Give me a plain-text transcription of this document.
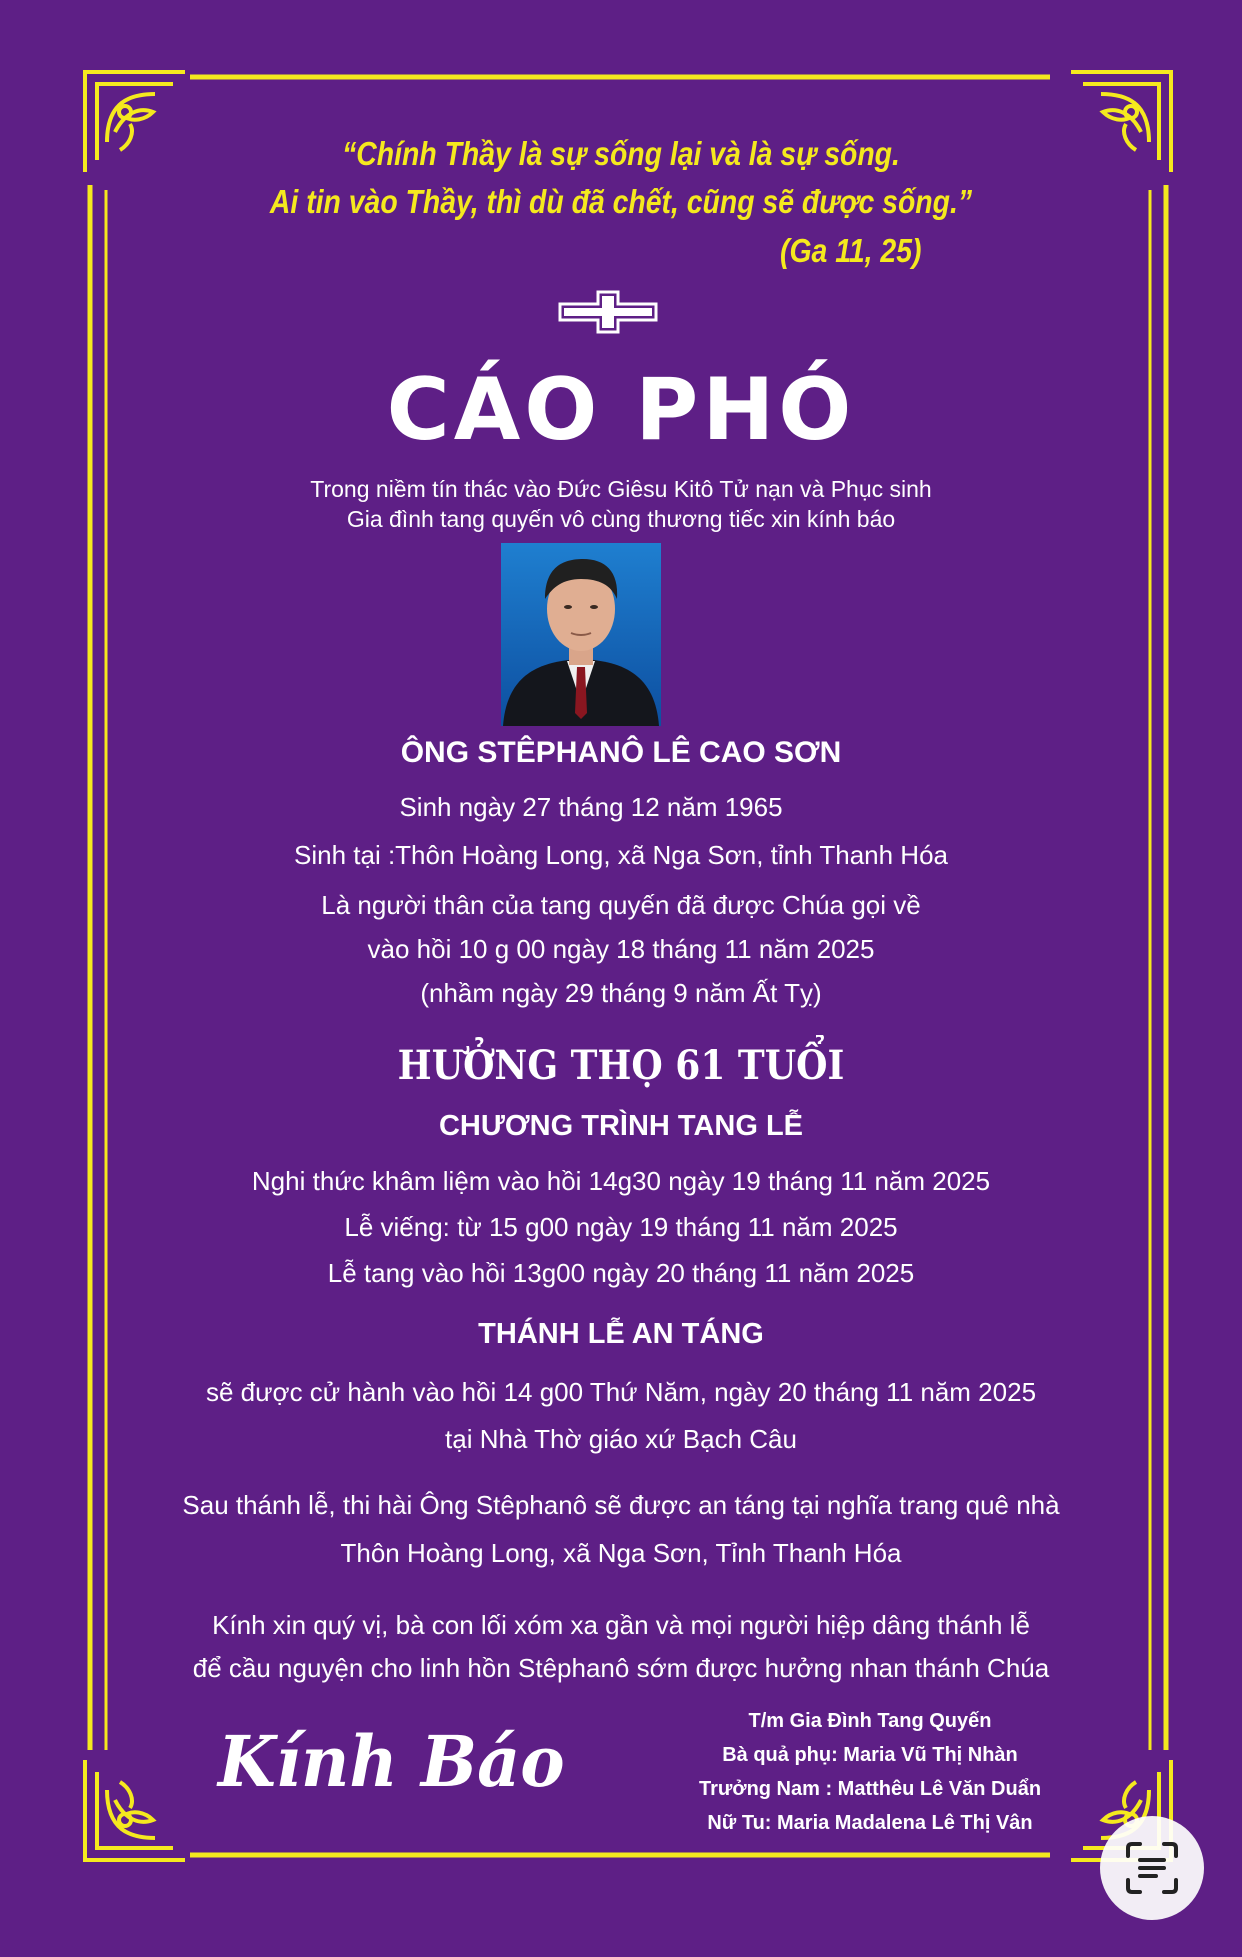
“Chính Thầy là sự sống lại và là sự sống.

Ai tin vào Thầy, thì dù đã chết, cũng sẽ được sống.”

(Ga 11, 25)
CÁO PHÓ

Trong niềm tín thác vào Đức Giêsu Kitô Tử nạn và Phục sinh

Gia đình tang quyến vô cùng thương tiếc xin kính báo

ÔNG STÊPHANÔ LÊ CAO SƠN

Sinh ngày 27 tháng 12 năm 1965

Sinh tại :Thôn Hoàng Long, xã Nga Sơn, tỉnh Thanh Hóa

Là người thân của tang quyến đã được Chúa gọi về

vào hồi 10 g 00 ngày 18 tháng 11 năm 2025

(nhầm ngày 29 tháng 9 năm Ất Tỵ)

HƯỞNG THỌ 61 TUỔI

CHƯƠNG TRÌNH TANG LỄ

Nghi thức khâm liệm vào hồi 14g30 ngày 19 tháng 11 năm 2025

Lễ viếng: từ 15 g00 ngày 19 tháng 11 năm 2025

Lễ tang vào hồi 13g00 ngày 20 tháng 11 năm 2025

THÁNH LỄ AN TÁNG

sẽ được cử hành vào hồi 14 g00 Thứ Năm, ngày 20 tháng 11 năm 2025

tại Nhà Thờ giáo xứ Bạch Câu

Sau thánh lễ, thi hài Ông Stêphanô sẽ được an táng tại nghĩa trang quê nhà

Thôn Hoàng Long, xã Nga Sơn, Tỉnh Thanh Hóa

Kính xin quý vị, bà con lối xóm xa gần và mọi người hiệp dâng thánh lễ

để cầu nguyện cho linh hồn Stêphanô sớm được hưởng nhan thánh Chúa

Kính Báo	T/m Gia Đình Tang Quyến
Bà quả phụ: Maria Vũ Thị Nhàn
Trưởng Nam : Matthêu Lê Văn Duẩn
Nữ Tu: Maria Madalena Lê Thị Vân
